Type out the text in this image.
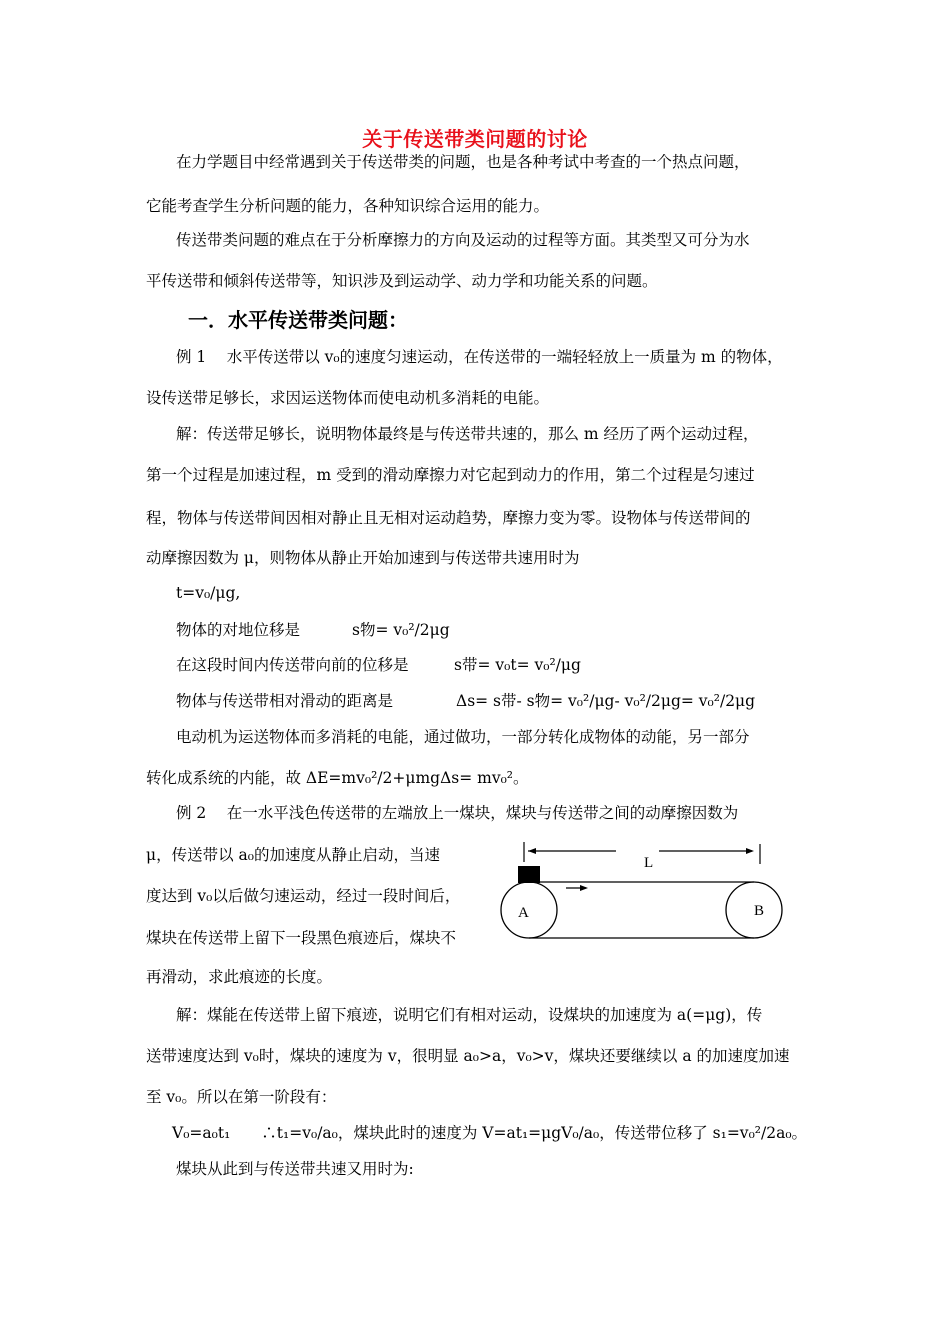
关于传送带类问题的讨论
在力学题目中经常遇到关于传送带类的问题，也是各种考试中考查的一个热点问题，
它能考查学生分析问题的能力，各种知识综合运用的能力。
传送带类问题的难点在于分析摩擦力的方向及运动的过程等方面。其类型又可分为水
平传送带和倾斜传送带等，知识涉及到运动学、动力学和功能关系的问题。
一．水平传送带类问题：
例 1　 水平传送带以 v₀的速度匀速运动，在传送带的一端轻轻放上一质量为 m 的物体，
设传送带足够长，求因运送物体而使电动机多消耗的电能。
解：传送带足够长，说明物体最终是与传送带共速的，那么 m 经历了两个运动过程，
第一个过程是加速过程，m 受到的滑动摩擦力对它起到动力的作用，第二个过程是匀速过
程，物体与传送带间因相对静止且无相对运动趋势，摩擦力变为零。设物体与传送带间的
动摩擦因数为 μ，则物体从静止开始加速到与传送带共速用时为
t=v₀/μg,
物体的对地位移是	s物= v₀²/2μg
在这段时间内传送带向前的位移是	s带= v₀t= v₀²/μg
物体与传送带相对滑动的距离是	Δs= s带- s物= v₀²/μg- v₀²/2μg= v₀²/2μg
电动机为运送物体而多消耗的电能，通过做功，一部分转化成物体的动能，另一部分
转化成系统的内能，故 ΔE=mv₀²/2+μmgΔs= mv₀²。
例 2　 在一水平浅色传送带的左端放上一煤块，煤块与传送带之间的动摩擦因数为
μ，传送带以 a₀的加速度从静止启动，当速
度达到 v₀以后做匀速运动，经过一段时间后，
煤块在传送带上留下一段黑色痕迹后，煤块不
再滑动，求此痕迹的长度。
L
A	B
解：煤能在传送带上留下痕迹，说明它们有相对运动，设煤块的加速度为 a(=μg)，传
送带速度达到 v₀时，煤块的速度为 v，很明显 a₀>a，v₀>v，煤块还要继续以 a 的加速度加速
至 v₀。所以在第一阶段有：
V₀=a₀t₁　　∴t₁=v₀/a₀，煤块此时的速度为 V=at₁=μgV₀/a₀，传送带位移了 s₁=v₀²/2a₀。
煤块从此到与传送带共速又用时为:
